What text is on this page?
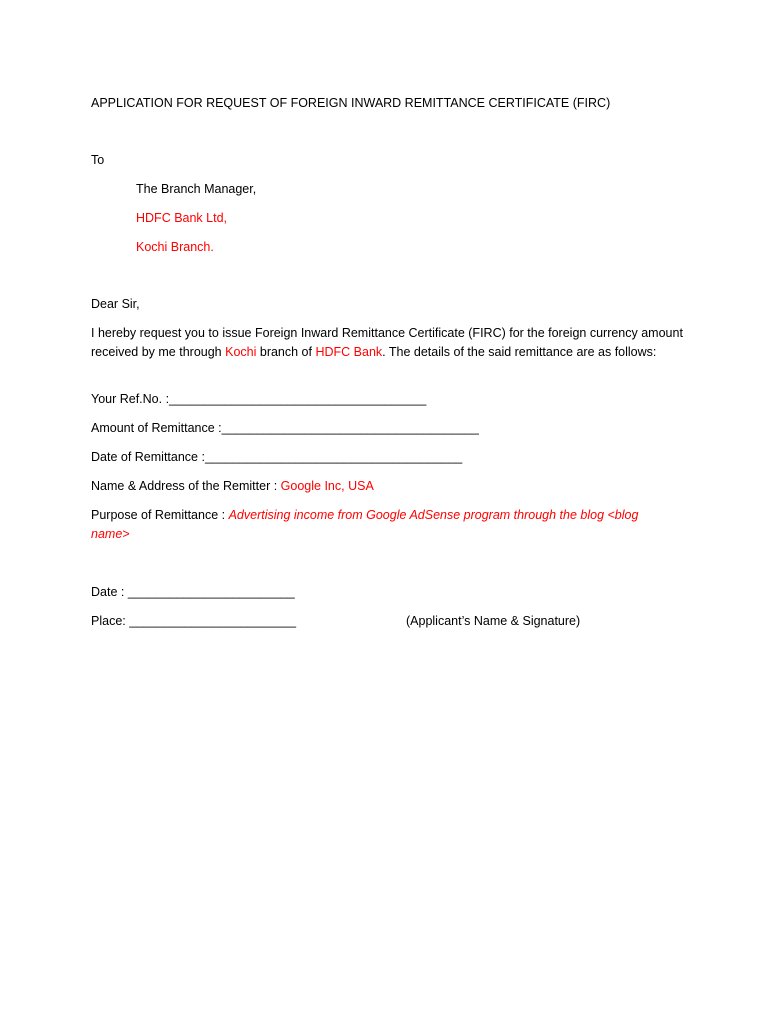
APPLICATION FOR REQUEST OF FOREIGN INWARD REMITTANCE CERTIFICATE (FIRC)
To
The Branch Manager,
HDFC Bank Ltd,
Kochi Branch.
Dear Sir,
I hereby request you to issue Foreign Inward Remittance Certificate (FIRC) for the foreign currency amount received by me through Kochi branch of HDFC Bank. The details of the said remittance are as follows:
Your Ref.No. :_____________________________________
Amount of Remittance :_____________________________________
Date of Remittance :_____________________________________
Name & Address of the Remitter : Google Inc, USA
Purpose of Remittance : Advertising income from Google AdSense program through the blog <blog name>
Date : ________________________
Place: ________________________	(Applicant’s Name & Signature)
